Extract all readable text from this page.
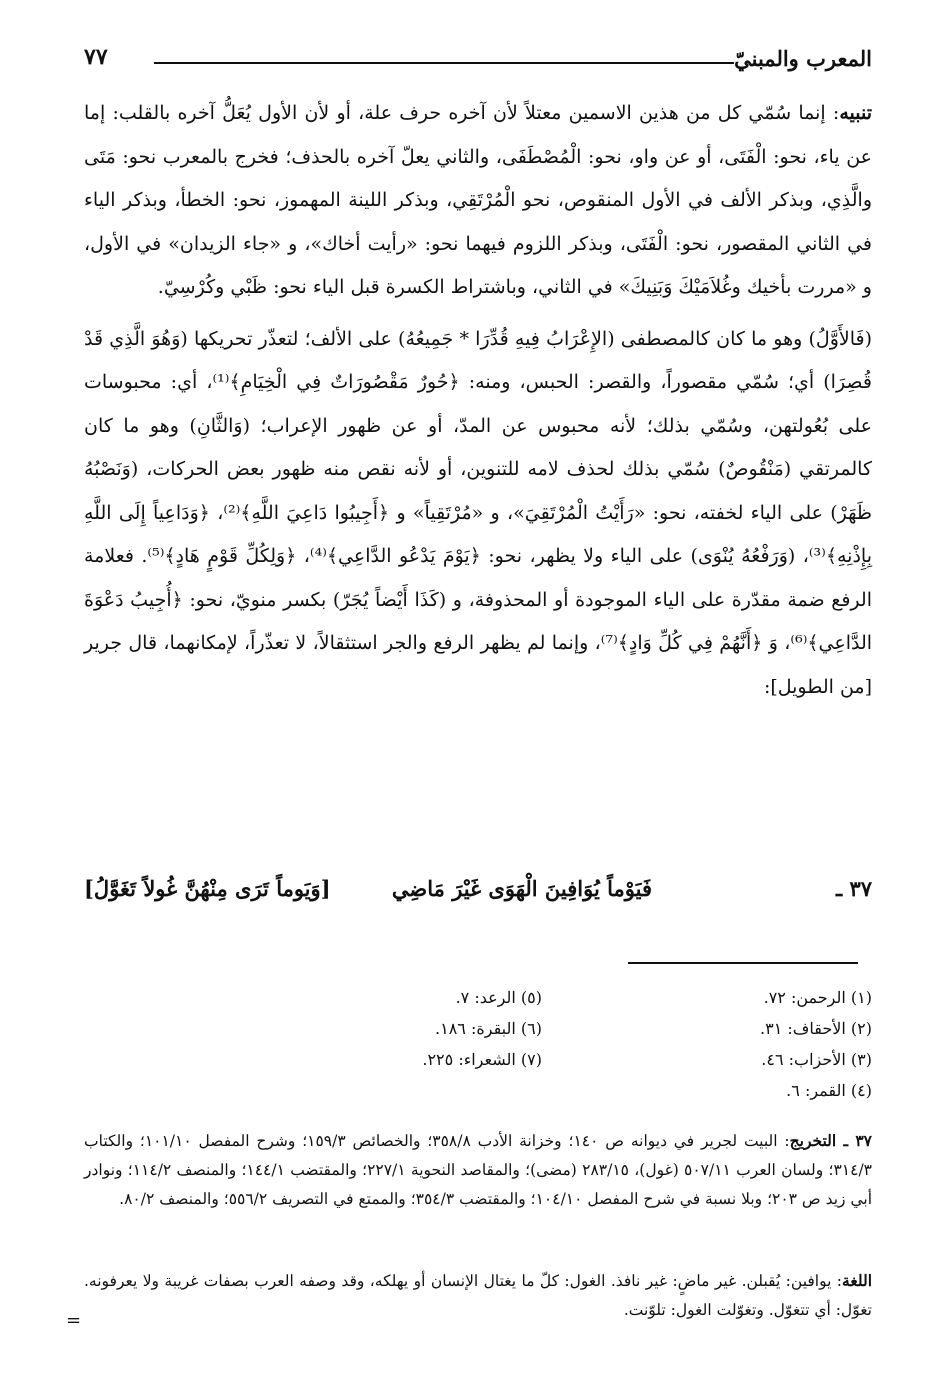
المعرب والمبنيّ
٧٧

تنبيه: إنما سُمّي كل من هذين الاسمين معتلاً لأن آخره حرف علة، أو لأن الأول يُعَلُّ آخره بالقلب: إما عن ياء، نحو: الْفَتَى، أو عن واو، نحو: الْمُصْطَفَى، والثاني يعلّ آخره بالحذف؛ فخرج بالمعرب نحو: مَتَى والَّذِي، وبذكر الألف في الأول المنقوص، نحو الْمُرْتَقِي، وبذكر اللينة المهموز، نحو: الخطأ، وبذكر الياء في الثاني المقصور، نحو: الْفَتَى، وبذكر اللزوم فيهما نحو: «رأيت أخاك»، و «جاء الزيدان» في الأول، و «مررت بأخيك وغُلاَمَيْكَ وَبَنِيكَ» في الثاني، وباشتراط الكسرة قبل الياء نحو: ظَبْي وكُرْسِيّ.

(فَالأَوَّلُ) وهو ما كان كالمصطفى (الإِعْرَابُ فِيهِ قُدِّرَا * جَمِيعُهُ) على الألف؛ لتعذّر تحريكها (وَهُوَ الَّذِي قَدْ قُصِرَا) أي؛ سُمّي مقصوراً، والقصر: الحبس، ومنه: ﴿حُورٌ مَقْصُورَاتٌ فِي الْخِيَامِ﴾⁽¹⁾، أي: محبوسات على بُعُولتهن، وسُمّي بذلك؛ لأنه محبوس عن المدّ، أو عن ظهور الإعراب؛ (وَالثَّانِ) وهو ما كان كالمرتقي (مَنْقُوصٌ) سُمّي بذلك لحذف لامه للتنوين، أو لأنه نقص منه ظهور بعض الحركات، (وَنَصْبُهُ ظَهَرْ) على الياء لخفته، نحو: «رَأَيْتُ الْمُرْتَقِيَ»، و «مُرْتَقِياً» و ﴿أَجِيبُوا دَاعِيَ اللَّهِ﴾⁽²⁾، ﴿وَدَاعِياً إِلَى اللَّهِ بِإِذْنِهِ﴾⁽³⁾، (وَرَفْعُهُ يُنْوَى) على الياء ولا يظهر، نحو: ﴿يَوْمَ يَدْعُو الدَّاعِي﴾⁽⁴⁾، ﴿وَلِكُلِّ قَوْمٍ هَادٍ﴾⁽⁵⁾. فعلامة الرفع ضمة مقدّرة على الياء الموجودة أو المحذوفة، و (كَذَا أَيْضاً يُجَرّ) بكسر منويّ، نحو: ﴿أُجِيبُ دَعْوَةَ الدَّاعِي﴾⁽⁶⁾، وَ ﴿أَنَّهُمْ فِي كُلِّ وَادٍ﴾⁽⁷⁾، وإنما لم يظهر الرفع والجر استثقالاً، لا تعذّراً، لإمكانهما، قال جرير [من الطويل]:

٣٧ ـ
فَيَوْماً يُوَافِينَ الْهَوَى غَيْرَ مَاضِي
[وَيَوماً تَرَى مِنْهُنَّ غُولاً تَغَوَّلُ]
(١) الرحمن: ٧٢.
(٢) الأحقاف: ٣١.
(٣) الأحزاب: ٤٦.
(٤) القمر: ٦.
(٥) الرعد: ٧.
(٦) البقرة: ١٨٦.
(٧) الشعراء: ٢٢٥.

٣٧ ـ التخريج: البيت لجرير في ديوانه ص ١٤٠؛ وخزانة الأدب ٣٥٨/٨؛ والخصائص ١٥٩/٣؛ وشرح المفصل ١٠١/١٠؛ والكتاب ٣١٤/٣؛ ولسان العرب ٥٠٧/١١ (غول)، ٢٨٣/١٥ (مضى)؛ والمقاصد النحوية ٢٢٧/١؛ والمقتضب ١٤٤/١؛ والمنصف ١١٤/٢؛ ونوادر أبي زيد ص ٢٠٣؛ وبلا نسبة في شرح المفصل ١٠٤/١٠؛ والمقتضب ٣٥٤/٣؛ والممتع في التصريف ٥٥٦/٢؛ والمنصف ٨٠/٢.

اللغة: يوافين: يُقبلن. غير ماضٍ: غير نافذ. الغول: كلّ ما يغتال الإنسان أو يهلكه، وقد وصفه العرب بصفات غريبة ولا يعرفونه. تغوّل: أي تتغوّل. وتغوّلت الغول: تلوّنت.

=
